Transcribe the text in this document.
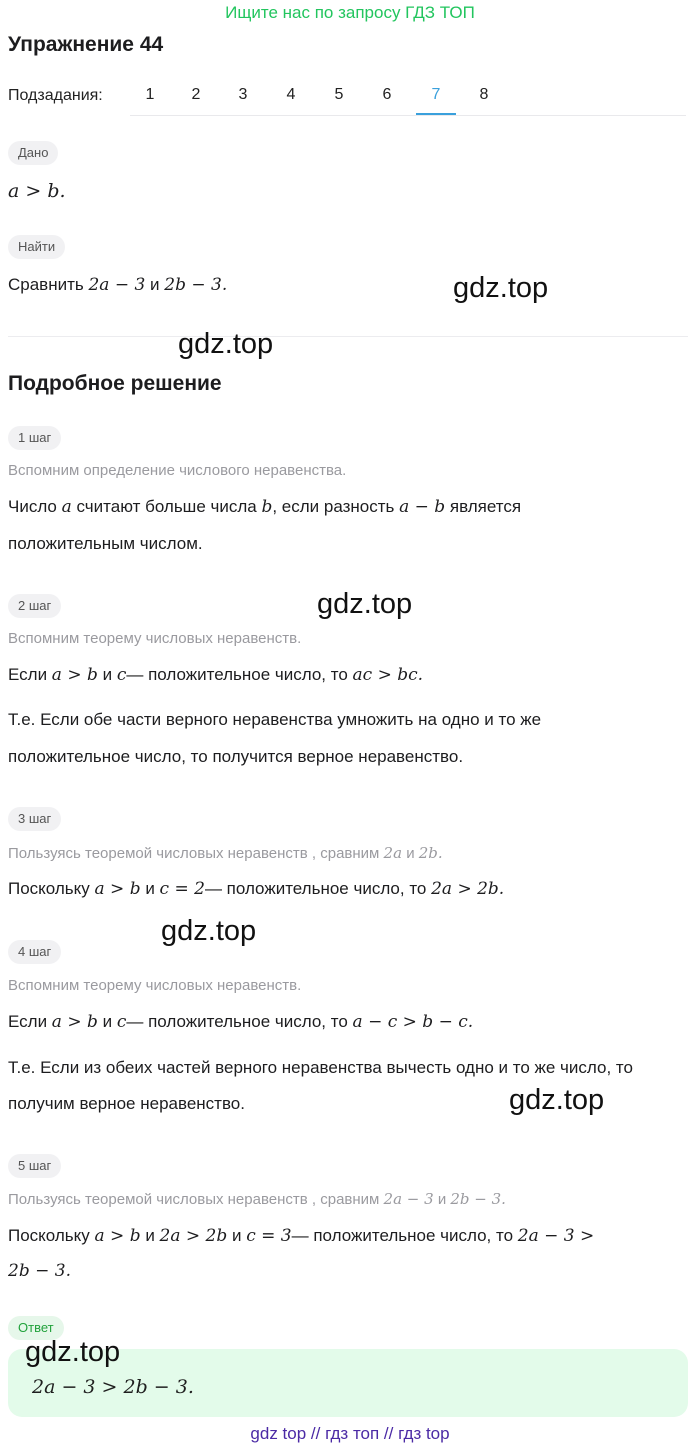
Ищите нас по запросу ГДЗ ТОП
Упражнение 44
Подзадания:	1	2	3	4	5	6	7	8
Дано
a > b.
Найти
Сравнить 2a − 3 и 2b − 3.
Подробное решение
1 шаг
Вспомним определение числового неравенства.
Число a считают больше числа b, если разность a − b является
положительным числом.
2 шаг
Вспомним теорему числовых неравенств.
Если a > b и c— положительное число, то ac > bc.
Т.е. Если обе части верного неравенства умножить на одно и то же
положительное число, то получится верное неравенство.
3 шаг
Пользуясь теоремой числовых неравенств , сравним 2a и 2b.
Поскольку a > b и c = 2— положительное число, то 2a > 2b.
4 шаг
Вспомним теорему числовых неравенств.
Если a > b и c— положительное число, то a − c > b − c.
Т.е. Если из обеих частей верного неравенства вычесть одно и то же число, то
получим верное неравенство.
5 шаг
Пользуясь теоремой числовых неравенств , сравним 2a − 3 и 2b − 3.
Поскольку a > b и 2a > 2b и c = 3— положительное число, то 2a − 3 >
2b − 3.
Ответ
2a − 3 > 2b − 3.
gdz.top
gdz.top
gdz.top
gdz.top
gdz.top
gdz.top
gdz top // гдз топ // гдз top
